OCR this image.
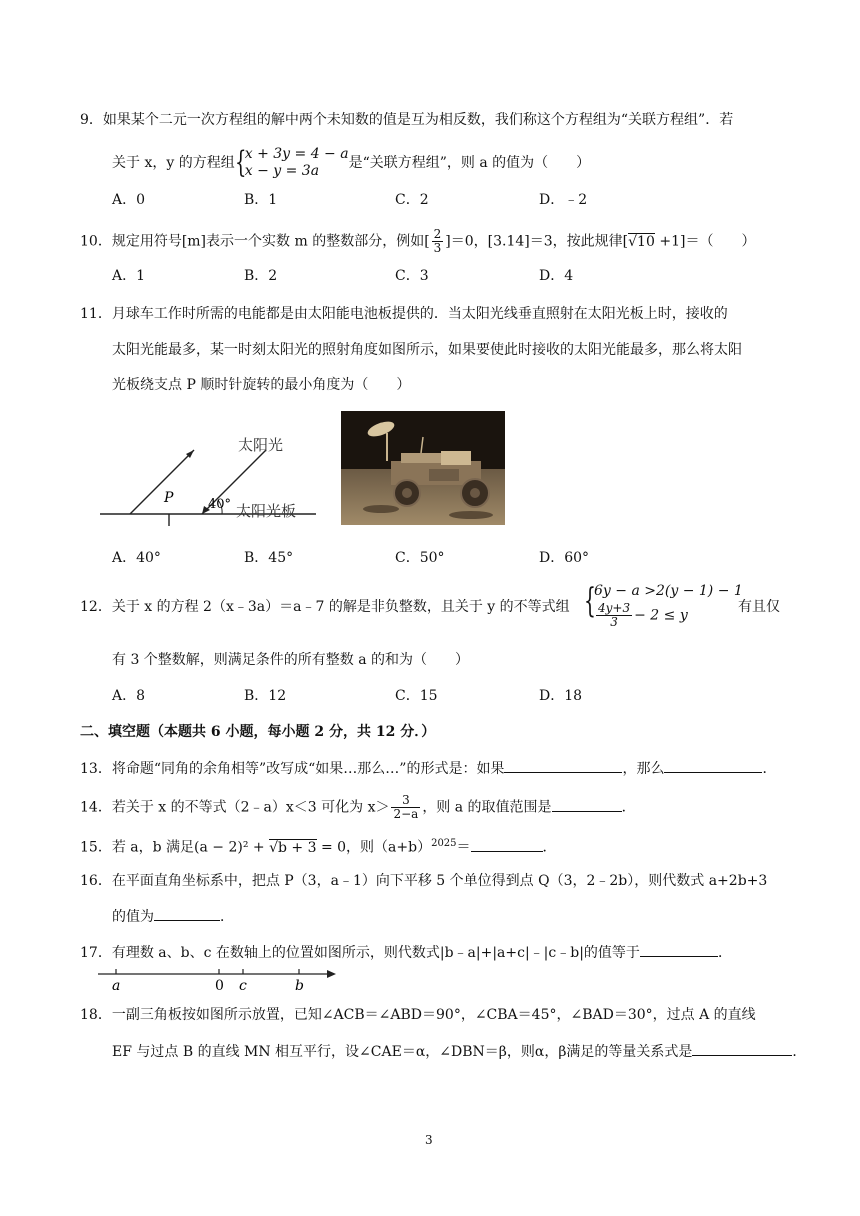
9．如果某个二元一次方程组的解中两个未知数的值是互为相反数，我们称这个方程组为“关联方程组”．若
关于 x，y 的方程组 {
x + 3y = 4 − a
x − y = 3a	是“关联方程组”，则 a 的值为（　　）
A．0	B．1	C．2	D．﹣2
10．规定用符号[m]表示一个实数 m 的整数部分，例如[ $\frac{2}{3} ]=0$，[3.14]＝3，按此规律[√10 +1]＝（　　）
A．1	B．2	C．3	D．4
11．月球车工作时所需的电能都是由太阳能电池板提供的．当太阳光线垂直照射在太阳光板上时，接收的
太阳光能最多，某一时刻太阳光的照射角度如图所示，如果要使此时接收的太阳光能最多，那么将太阳
光板绕支点 P 顺时针旋转的最小角度为（　　）
P	40°
太阳光
太阳光板
A．40°	B．45°	C．50°	D．60°
12．关于 x 的方程 2（x﹣3a）＝a﹣7 的解是非负整数，且关于 y 的不等式组 {
6y − a >2(y − 1) − 1
$\frac{4y+3}{3} - 2 \le y$
有且仅
有 3 个整数解，则满足条件的所有整数 a 的和为（　　）
A．8	B．12	C．15	D．18
二、填空题（本题共 6 小题，每小题 2 分，共 12 分．）
13．将命题“同角的余角相等”改写成“如果…那么…”的形式是：如果	，那么	．
14．若关于 x 的不等式（2﹣a）x＜3 可化为 $x> \frac{3}{2-a}$ ，则 a 的取值范围是	．
15．若 a，b 满足(a − 2)² + √b + 3 = 0，则$(a+b)^{2025}=$	．
16．在平面直角坐标系中，把点 P（3，a﹣1）向下平移 5 个单位得到点 Q（3，2﹣2b），则代数式 a+2b+3
的值为	．
17．有理数 a、b、c 在数轴上的位置如图所示，则代数式|b﹣a|+|a+c|﹣|c﹣b|的值等于	．
a	0 c	b
18．一副三角板按如图所示放置，已知∠ACB＝∠ABD＝90°，∠CBA＝45°，∠BAD＝30°，过点 A 的直线
EF 与过点 B 的直线 MN 相互平行，设∠CAE＝α，∠DBN＝β，则α，β满足的等量关系式是	．
3
